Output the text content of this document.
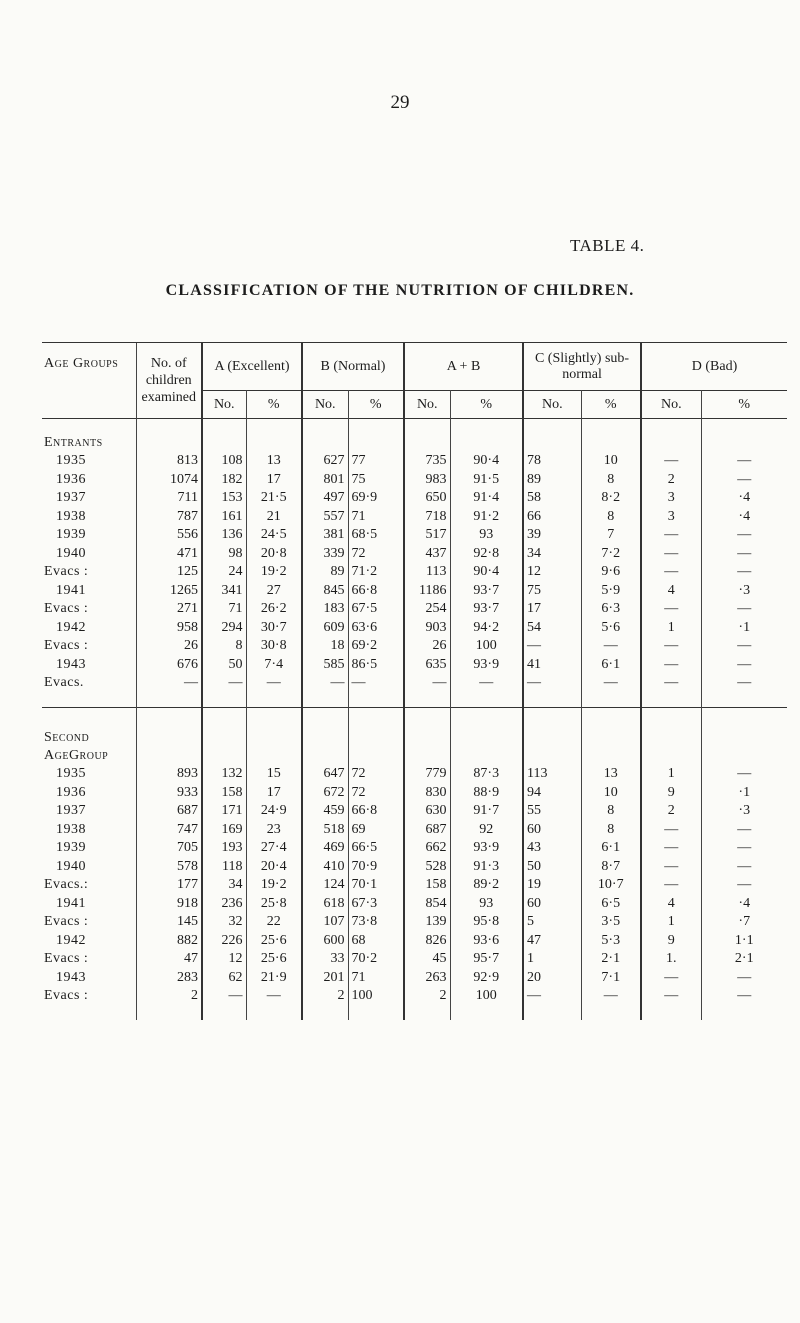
29
TABLE 4.
CLASSIFICATION OF THE NUTRITION OF CHILDREN.
Age Groups	No. of children examined	A (Excellent)		B (Normal)		A + B		C (Slightly) sub-normal		D (Bad)	
		No.	%	No.	%	No.	%	No.	%	No.	%

Entrants											
1935	813	108	13	627	77	735	90·4	78	10	—	—
1936	1074	182	17	801	75	983	91·5	89	8	2	—
1937	711	153	21·5	497	69·9	650	91·4	58	8·2	3	·4
1938	787	161	21	557	71	718	91·2	66	8	3	·4
1939	556	136	24·5	381	68·5	517	93	39	7	—	—
1940	471	98	20·8	339	72	437	92·8	34	7·2	—	—
Evacs :	125	24	19·2	89	71·2	113	90·4	12	9·6	—	—
1941	1265	341	27	845	66·8	1186	93·7	75	5·9	4	·3
Evacs :	271	71	26·2	183	67·5	254	93·7	17	6·3	—	—
1942	958	294	30·7	609	63·6	903	94·2	54	5·6	1	·1
Evacs :	26	8	30·8	18	69·2	26	100	—	—	—	—
1943	676	50	7·4	585	86·5	635	93·9	41	6·1	—	—
Evacs.	—	—	—	—	—	—	—	—	—	—	—

Second AgeGroup											
1935	893	132	15	647	72	779	87·3	113	13	1	—
1936	933	158	17	672	72	830	88·9	94	10	9	·1
1937	687	171	24·9	459	66·8	630	91·7	55	8	2	·3
1938	747	169	23	518	69	687	92	60	8	—	—
1939	705	193	27·4	469	66·5	662	93·9	43	6·1	—	—
1940	578	118	20·4	410	70·9	528	91·3	50	8·7	—	—
Evacs.:	177	34	19·2	124	70·1	158	89·2	19	10·7	—	—
1941	918	236	25·8	618	67·3	854	93	60	6·5	4	·4
Evacs :	145	32	22	107	73·8	139	95·8	5	3·5	1	·7
1942	882	226	25·6	600	68	826	93·6	47	5·3	9	1·1
Evacs :	47	12	25·6	33	70·2	45	95·7	1	2·1	1.	2·1
1943	283	62	21·9	201	71	263	92·9	20	7·1	—	—
Evacs :	2	—	—	2	100	2	100	—	—	—	—
